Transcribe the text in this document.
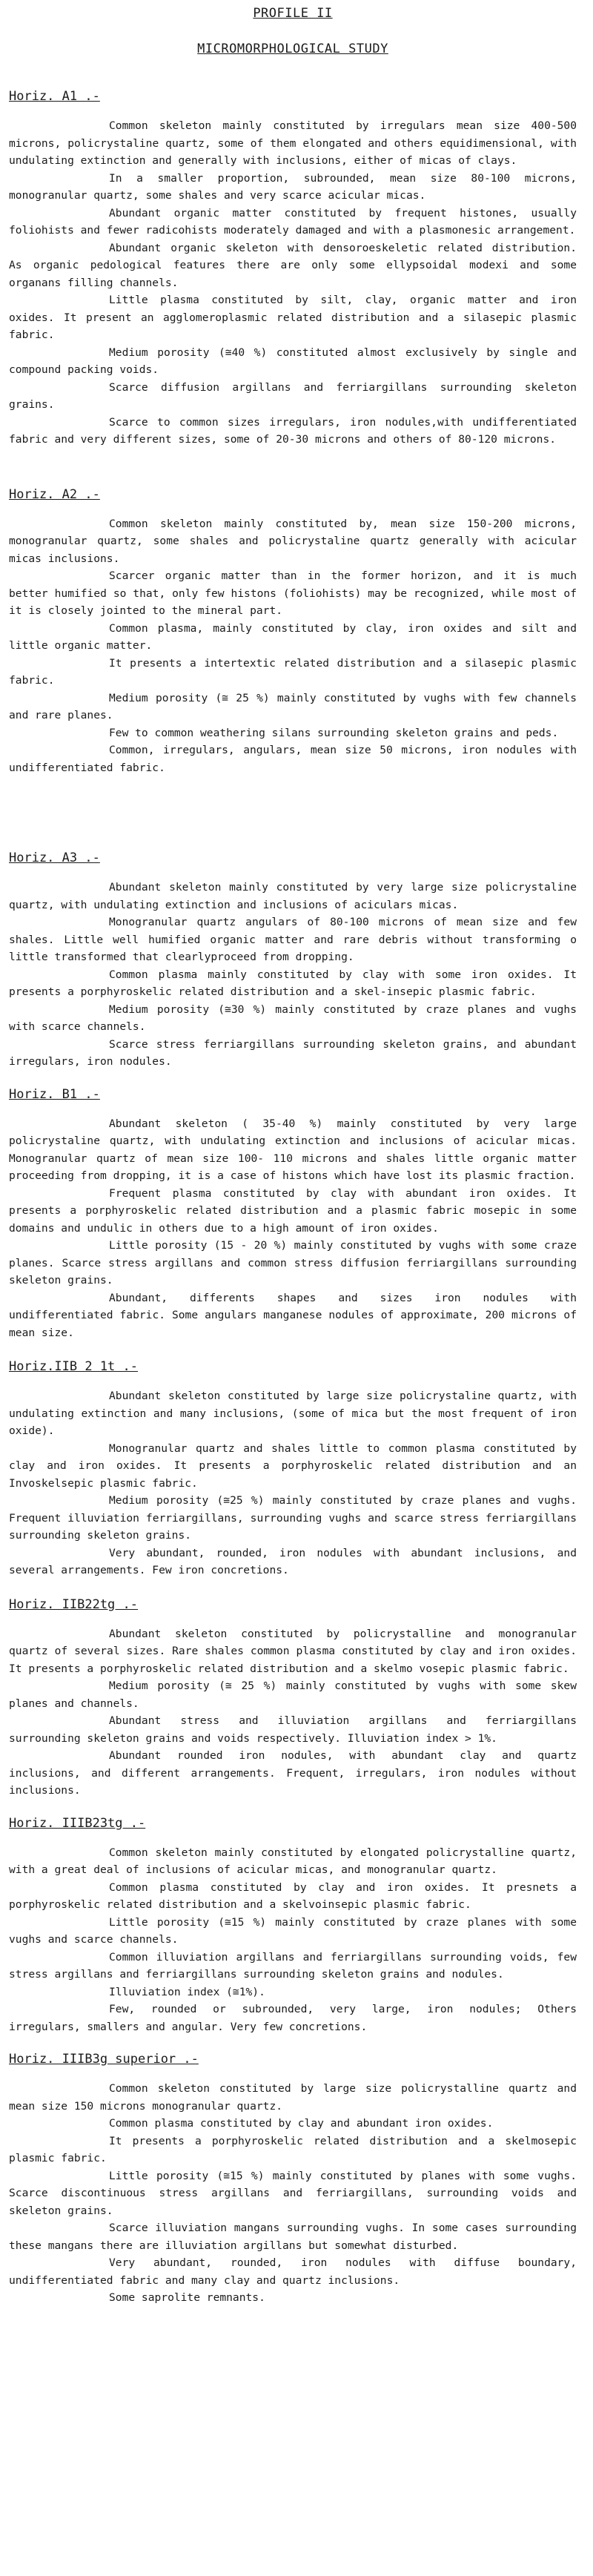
PROFILE II
MICROMORPHOLOGICAL STUDY
Horiz. A1 .-

Common skeleton mainly constituted by irregulars mean size 400-500 microns, policrystaline quartz, some of them elongated and others equidimensional, with undulating extinction and generally with inclusions, either of micas of clays.

In a smaller proportion, subrounded, mean size 80-100 microns, monogranular quartz, some shales and very scarce acicular micas.

Abundant organic matter constituted by frequent histones, usually foliohists and fewer radicohists moderately damaged and with a plasmonesic arrangement.

Abundant organic skeleton with densoroeskeletic related distribution. As organic pedological features there are only some ellypsoidal modexi and some organans filling channels.

Little plasma constituted by silt, clay, organic matter and iron oxides. It present an agglomeroplasmic related distribution and a silasepic plasmic fabric.

Medium porosity (≅40 %) constituted almost exclusively by single and compound packing voids.

Scarce diffusion argillans and ferriargillans surrounding skeleton grains.

Scarce to common sizes irregulars, iron nodules,with undifferentiated fabric and very different sizes, some of 20-30 microns and others of 80-120 microns.

Horiz. A2 .-

Common skeleton mainly constituted by, mean size 150-200 microns, monogranular quartz, some shales and policrystaline quartz generally with acicular micas inclusions.

Scarcer organic matter than in the former horizon, and it is much better humified so that, only few histons (foliohists) may be recognized, while most of it is closely jointed to the mineral part.

Common plasma, mainly constituted by clay, iron oxides and silt and little organic matter.

It presents a intertextic related distribution and a silasepic plasmic fabric.

Medium porosity (≅ 25 %) mainly constituted by vughs with few channels and rare planes.

Few to common weathering silans surrounding skeleton grains and peds.

Common, irregulars, angulars, mean size 50 microns, iron nodules with undifferentiated fabric.

Horiz. A3 .-

Abundant skeleton mainly constituted by very large size policrystaline quartz, with undulating extinction and inclusions of aciculars micas.

Monogranular quartz angulars of 80-100 microns of mean size and few shales. Little well humified organic matter and rare debris without transforming o little transformed that clearlyproceed from dropping.

Common plasma mainly constituted by clay with some iron oxides. It presents a porphyroskelic related distribution and a skel-insepic plasmic fabric.

Medium porosity (≅30 %) mainly constituted by craze planes and vughs with scarce channels.

Scarce stress ferriargillans surrounding skeleton grains, and abundant irregulars, iron nodules.

Horiz. B1 .-

Abundant skeleton ( 35-40 %) mainly constituted by very large policrystaline quartz, with undulating extinction and inclusions of acicular micas. Monogranular quartz of mean size 100- 110 microns and shales little organic matter proceeding from dropping, it is a case of histons which have lost its plasmic fraction.

Frequent plasma constituted by clay with abundant iron oxides. It presents a porphyroskelic related distribution and a plasmic fabric mosepic in some domains and undulic in others due to a high amount of iron oxides.

Little porosity (15 - 20 %) mainly constituted by vughs with some craze planes. Scarce stress argillans and common stress diffusion ferriargillans surrounding skeleton grains.

Abundant, differents shapes and sizes iron nodules with undifferentiated fabric. Some angulars manganese nodules of approximate, 200 microns of mean size.

Horiz.IIB 2 1t .-

Abundant skeleton constituted by large size policrystaline quartz, with undulating extinction and many inclusions, (some of mica but the most frequent of iron oxide).

Monogranular quartz and shales little to common plasma constituted by clay and iron oxides. It presents a porphyroskelic related distribution and an Invoskelsepic plasmic fabric.

Medium porosity (≅25 %) mainly constituted by craze planes and vughs. Frequent illuviation ferriargillans, surrounding vughs and scarce stress ferriargillans surrounding skeleton grains.

Very abundant, rounded, iron nodules with abundant inclusions, and several arrangements. Few iron concretions.

Horiz. IIB22tg .-

Abundant skeleton constituted by policrystalline and monogranular quartz of several sizes. Rare shales common plasma constituted by clay and iron oxides. It presents a porphyroskelic related distribution and a skelmo vosepic plasmic fabric.

Medium porosity (≅ 25 %) mainly constituted by vughs with some skew planes and channels.

Abundant stress and illuviation argillans and ferriargillans surrounding skeleton grains and voids respectively. Illuviation index > 1%.

Abundant rounded iron nodules, with abundant clay and quartz inclusions, and different arrangements. Frequent, irregulars, iron nodules without inclusions.

Horiz. IIIB23tg .-

Common skeleton mainly constituted by elongated policrystalline quartz, with a great deal of inclusions of acicular micas, and monogranular quartz.

Common plasma constituted by clay and iron oxides. It presnets a porphyroskelic related distribution and a skelvoinsepic plasmic fabric.

Little porosity (≅15 %) mainly constituted by craze planes with some vughs and scarce channels.

Common illuviation argillans and ferriargillans surrounding voids, few stress argillans and ferriargillans surrounding skeleton grains and nodules.

Illuviation index (≅1%).

Few, rounded or subrounded, very large, iron nodules; Others irregulars, smallers and angular. Very few concretions.

Horiz. IIIB3g superior .-

Common skeleton constituted by large size policrystalline quartz and mean size 150 microns monogranular quartz.

Common plasma constituted by clay and abundant iron oxides.

It presents a porphyroskelic related distribution and a skelmosepic plasmic fabric.

Little porosity (≅15 %) mainly constituted by planes with some vughs. Scarce discontinuous stress argillans and ferriargillans, surrounding voids and skeleton grains.

Scarce illuviation mangans surrounding vughs. In some cases surrounding these mangans there are illuviation argillans but somewhat disturbed.

Very abundant, rounded, iron nodules with diffuse boundary, undifferentiated fabric and many clay and quartz inclusions.

Some saprolite remnants.
